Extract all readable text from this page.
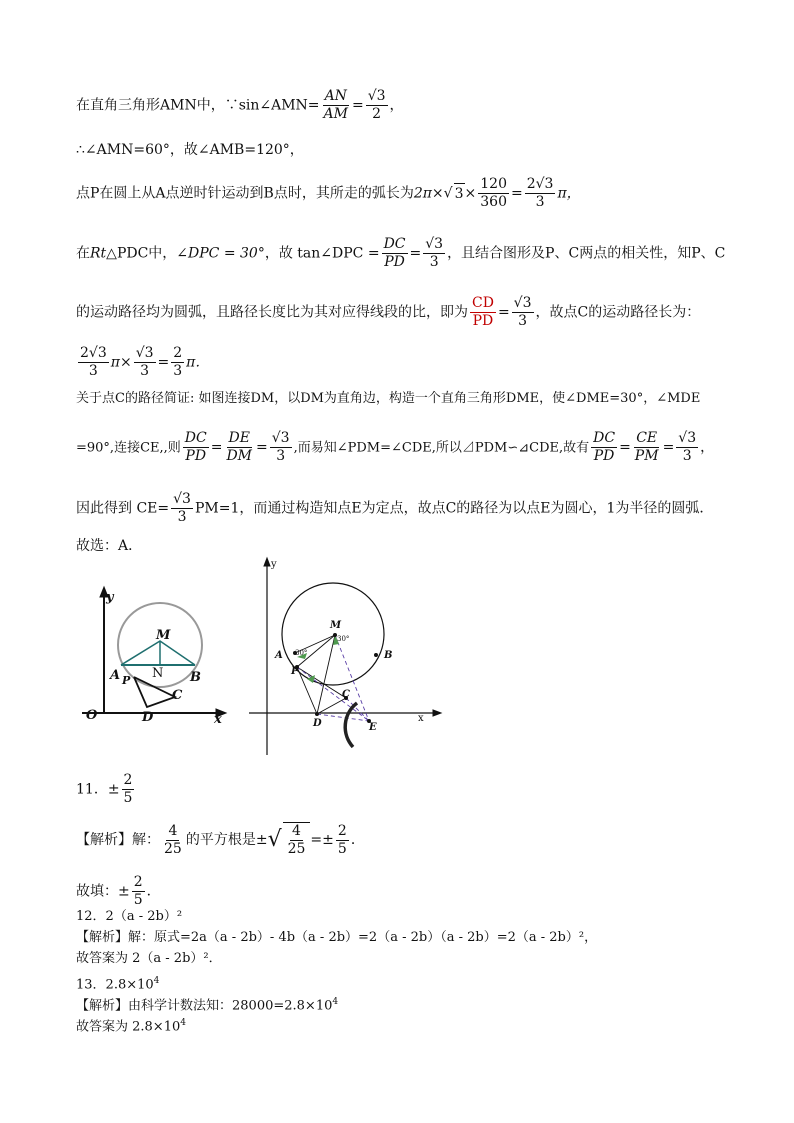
在直角三角形AMN中，∵sin∠AMN= $\frac{AN}{AM} = \frac{√3}{2}$ ，
∴∠AMN=60°，故∠AMB=120°，
点P在圆上从A点逆时针运动到B点时，其所走的弧长为2π×√ $3\times \frac{120}{360} = \frac{2√3}{3}$ π，
在Rt△PDC中，∠DPC = 30°，故 tan∠DPC = $\frac{DC}{PD} = \frac{√3}{3}$ ，且结合图形及P、C两点的相关性，知P、C
的运动路径均为圆弧，且路径长度比为其对应得线段的比，即为 $\frac{CD}{PD} = \frac{√3}{3}$ ，故点C的运动路径长为：
$\frac{2√3}{3} \pi\times \frac{√3}{3} = \frac{2}{3}$ π．
关于点C的路径简证: 如图连接DM，以DM为直角边，构造一个直角三角形DME，使∠DME=30°，∠MDE
=90°,连接CE,,则 $\frac{DC}{PD} = \frac{DE}{DM} = \frac{√3}{3}$ ,而易知∠PDM=∠CDE,所以⊿PDM∽⊿CDE,故有 $\frac{DC}{PD} = \frac{CE}{PM} = \frac{√3}{3}$ ，
因此得到 $CE= \frac{√3}{3} PM=1$，而通过构造知点E为定点，故点C的路径为以点E为圆心，1为半径的圆弧．
故选：A．
y
O	x
M
A N B
P
C
D
y
x
M
A	B
P
C
D	E
30°
30°
11．± $\frac{2}{5}$
【解析】解： $\frac{4}{25}$ 的平方根是±√ $\frac{4}{25} =\pm \frac{2}{5}$ ．
故填：± $\frac{2}{5}$ ．
12．2（a - 2b）²
【解析】解：原式=2a（a - 2b）- 4b（a - 2b）=2（a - 2b）（a - 2b）=2（a - 2b）²，
故答案为 2（a - 2b）²．
13．$2.8\times 10^4$
【解析】由科学计数法知：$28000=2.8\times 10^4$
故答案为 $2.8\times 10^4$
